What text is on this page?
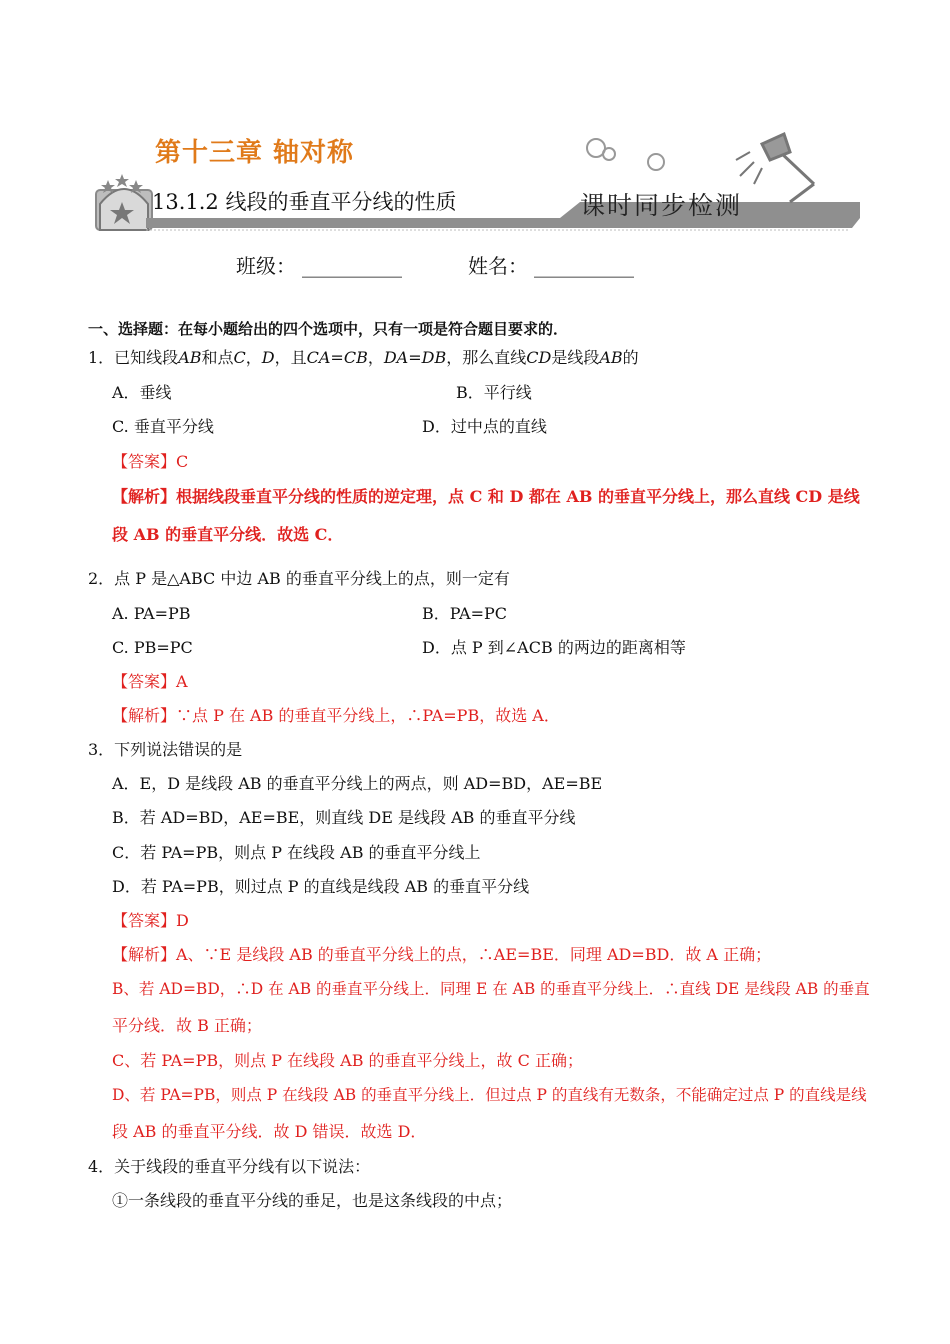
第十三章 轴对称
13.1.2 线段的垂直平分线的性质	课时同步检测
班级： __________	姓名： __________
一、选择题：在每小题给出的四个选项中，只有一项是符合题目要求的．
1．已知线段AB和点C，D，且CA=CB，DA=DB，那么直线CD是线段AB的
A．垂线	B．平行线
C. 垂直平分线	D．过中点的直线
【答案】C
【解析】根据线段垂直平分线的性质的逆定理，点 C 和 D 都在 AB 的垂直平分线上，那么直线 CD 是线
段 AB 的垂直平分线．故选 C．
2．点 P 是△ABC 中边 AB 的垂直平分线上的点，则一定有
A. PA=PB	B．PA=PC
C. PB=PC	D．点 P 到∠ACB 的两边的距离相等
【答案】A
【解析】∵点 P 在 AB 的垂直平分线上，∴PA=PB，故选 A．
3．下列说法错误的是
A．E，D 是线段 AB 的垂直平分线上的两点，则 AD=BD，AE=BE
B．若 AD=BD，AE=BE，则直线 DE 是线段 AB 的垂直平分线
C．若 PA=PB，则点 P 在线段 AB 的垂直平分线上
D．若 PA=PB，则过点 P 的直线是线段 AB 的垂直平分线
【答案】D
【解析】A、∵E 是线段 AB 的垂直平分线上的点，∴AE=BE．同理 AD=BD．故 A 正确；
B、若 AD=BD，∴D 在 AB 的垂直平分线上．同理 E 在 AB 的垂直平分线上．∴直线 DE 是线段 AB 的垂直
平分线．故 B 正确；
C、若 PA=PB，则点 P 在线段 AB 的垂直平分线上，故 C 正确；
D、若 PA=PB，则点 P 在线段 AB 的垂直平分线上．但过点 P 的直线有无数条，不能确定过点 P 的直线是线
段 AB 的垂直平分线．故 D 错误．故选 D．
4．关于线段的垂直平分线有以下说法：
①一条线段的垂直平分线的垂足，也是这条线段的中点；
